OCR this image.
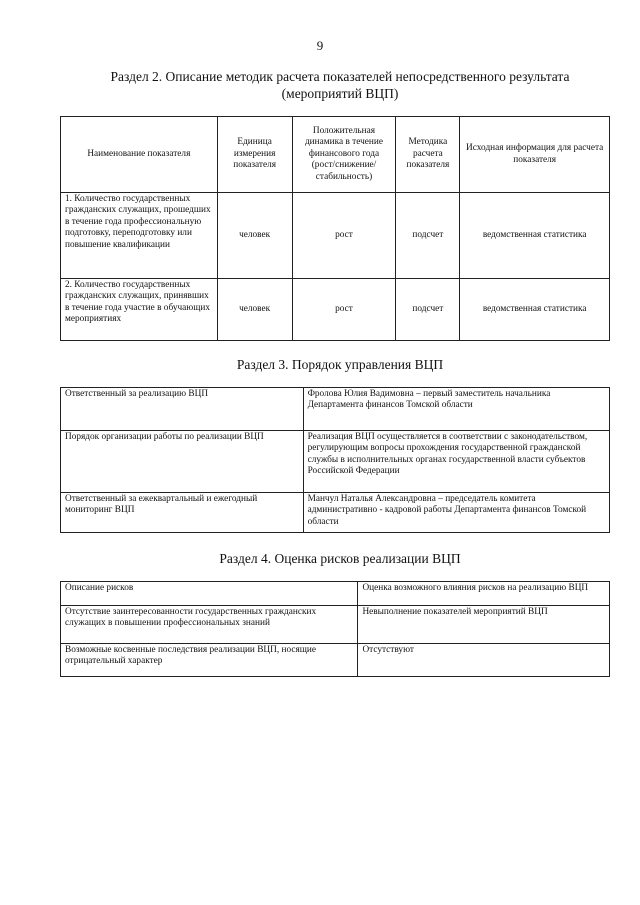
9
Раздел 2. Описание методик расчета показателей непосредственного результата
(мероприятий ВЦП)
Наименование показателя	Единица измерения показателя	Положительная динамика в течение финансового года (рост/снижение/ стабильность)	Методика расчета показателя	Исходная информация для расчета показателя
1. Количество государственных гражданских служащих, прошедших в течение года профессиональную подготовку, переподготовку или повышение квалификации	человек	рост	подсчет	ведомственная статистика
2. Количество государственных гражданских служащих, принявших в течение года участие в обучающих мероприятиях	человек	рост	подсчет	ведомственная статистика
Раздел 3. Порядок управления ВЦП
Ответственный за реализацию ВЦП	Фролова Юлия Вадимовна – первый заместитель начальника Департамента финансов Томской области
Порядок организации работы по реализации ВЦП	Реализация ВЦП осуществляется в соответствии с законодательством, регулирующим вопросы прохождения государственной гражданской службы в исполнительных органах государственной власти субъектов Российской Федерации
Ответственный за ежеквартальный и ежегодный мониторинг ВЦП	Манчул Наталья Александровна – председатель комитета административно - кадровой работы Департамента финансов Томской области
Раздел 4. Оценка рисков реализации ВЦП
Описание рисков	Оценка возможного влияния рисков на реализацию ВЦП
Отсутствие заинтересованности государственных гражданских служащих в повышении профессиональных знаний	Невыполнение показателей мероприятий ВЦП
Возможные косвенные последствия реализации ВЦП, носящие отрицательный характер	Отсутствуют
